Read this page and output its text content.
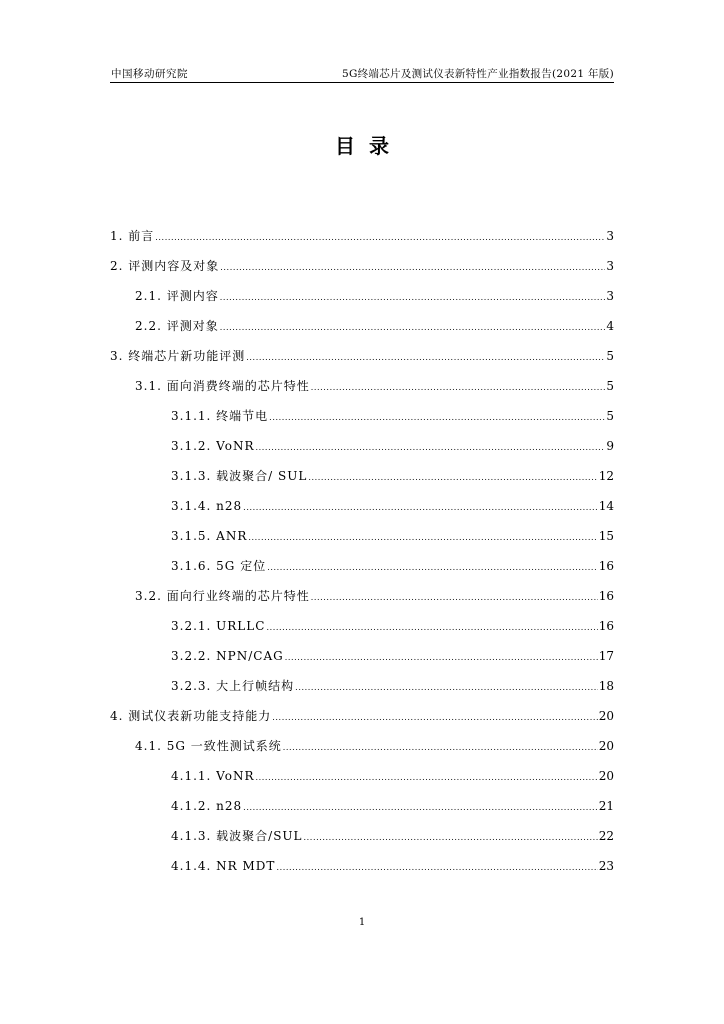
中国移动研究院	5G终端芯片及测试仪表新特性产业指数报告(2021 年版)
目录
1. 前言 .....	3
2. 评测内容及对象 .....	3
2.1. 评测内容 .....	3
2.2. 评测对象 .....	4
3. 终端芯片新功能评测 .....	5
3.1. 面向消费终端的芯片特性 .....	5
3.1.1. 终端节电 .....	5
3.1.2. VoNR .....	9
3.1.3. 载波聚合/ SUL .....	12
3.1.4. n28 .....	14
3.1.5. ANR .....	15
3.1.6. 5G 定位 .....	16
3.2. 面向行业终端的芯片特性 .....	16
3.2.1. URLLC .....	16
3.2.2. NPN/CAG .....	17
3.2.3. 大上行帧结构 .....	18
4. 测试仪表新功能支持能力 .....	20
4.1. 5G 一致性测试系统 .....	20
4.1.1. VoNR .....	20
4.1.2. n28 .....	21
4.1.3. 载波聚合/SUL .....	22
4.1.4. NR MDT .....	23
1
